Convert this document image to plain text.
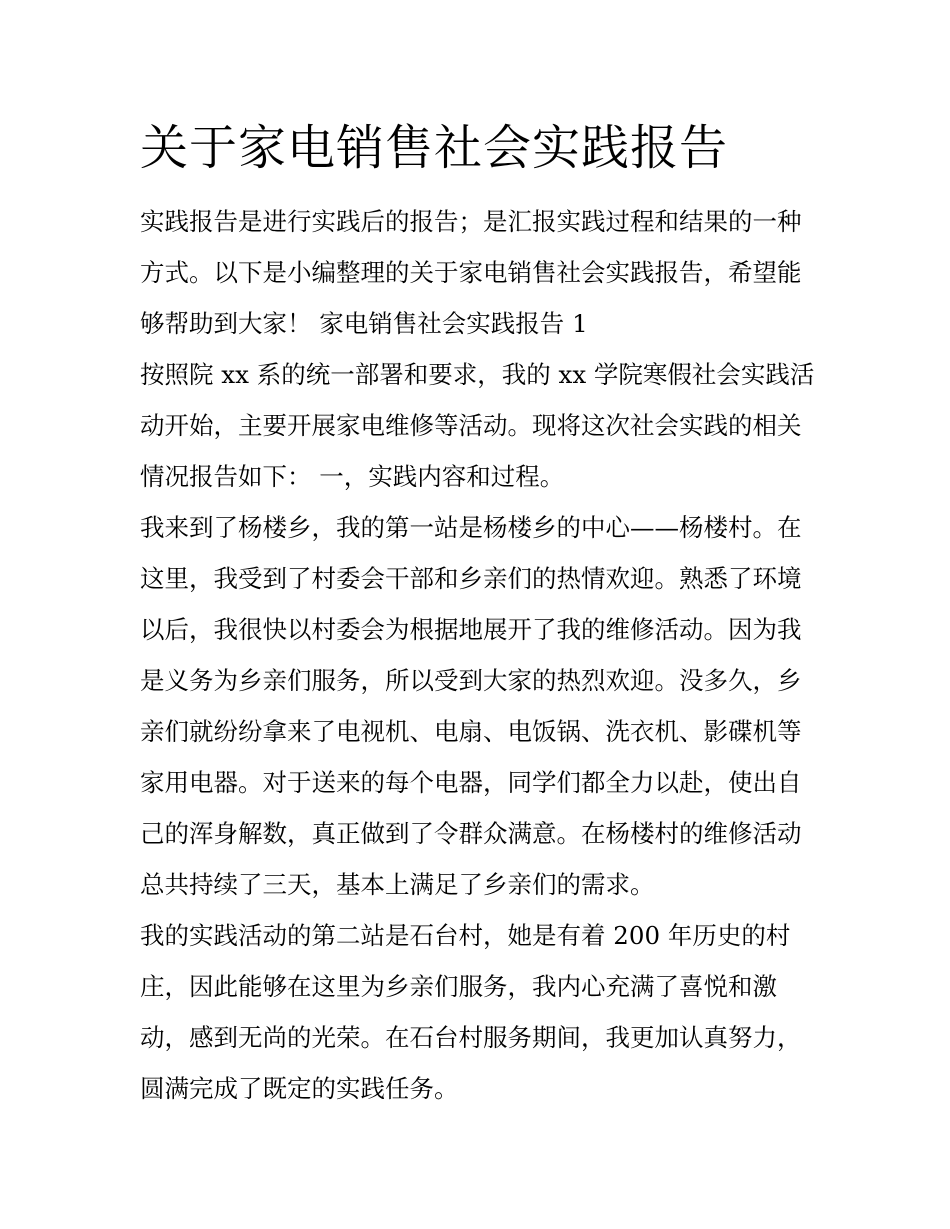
关于家电销售社会实践报告

实践报告是进行实践后的报告；是汇报实践过程和结果的一种

方式。以下是小编整理的关于家电销售社会实践报告，希望能

够帮助到大家！ 家电销售社会实践报告 1

按照院 xx 系的统一部署和要求，我的 xx 学院寒假社会实践活

动开始，主要开展家电维修等活动。现将这次社会实践的相关

情况报告如下： 一，实践内容和过程。

我来到了杨楼乡，我的第一站是杨楼乡的中心——杨楼村。在

这里，我受到了村委会干部和乡亲们的热情欢迎。熟悉了环境

以后，我很快以村委会为根据地展开了我的维修活动。因为我

是义务为乡亲们服务，所以受到大家的热烈欢迎。没多久，乡

亲们就纷纷拿来了电视机、电扇、电饭锅、洗衣机、影碟机等

家用电器。对于送来的每个电器，同学们都全力以赴，使出自

己的浑身解数，真正做到了令群众满意。在杨楼村的维修活动

总共持续了三天，基本上满足了乡亲们的需求。

我的实践活动的第二站是石台村，她是有着 200 年历史的村

庄，因此能够在这里为乡亲们服务，我内心充满了喜悦和激

动，感到无尚的光荣。在石台村服务期间，我更加认真努力，

圆满完成了既定的实践任务。
